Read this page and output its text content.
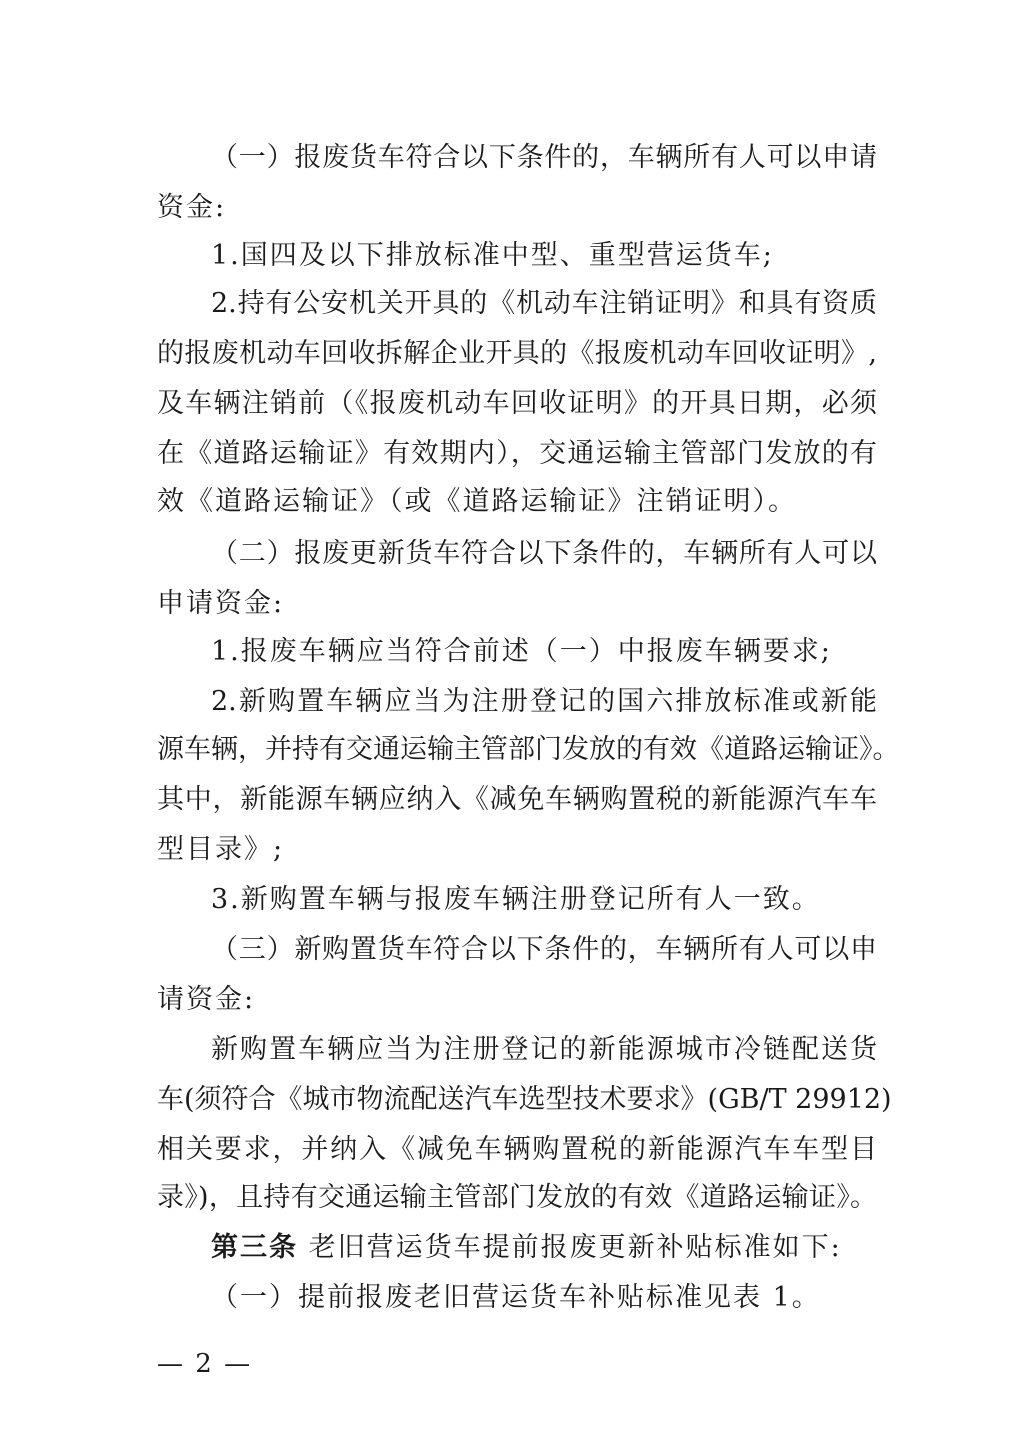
（一）报废货车符合以下条件的，车辆所有人可以申请
资金:
1.国四及以下排放标准中型、重型营运货车;
2.持有公安机关开具的《机动车注销证明》和具有资质
的报废机动车回收拆解企业开具的《报废机动车回收证明》,
及车辆注销前（《报废机动车回收证明》的开具日期，必须
在《道路运输证》有效期内），交通运输主管部门发放的有
效《道路运输证》（或《道路运输证》注销证明）。
（二）报废更新货车符合以下条件的，车辆所有人可以
申请资金:
1.报废车辆应当符合前述（一）中报废车辆要求;
2.新购置车辆应当为注册登记的国六排放标准或新能
源车辆，并持有交通运输主管部门发放的有效《道路运输证》。
其中，新能源车辆应纳入《减免车辆购置税的新能源汽车车
型目录》;
3.新购置车辆与报废车辆注册登记所有人一致。
（三）新购置货车符合以下条件的，车辆所有人可以申
请资金:
新购置车辆应当为注册登记的新能源城市冷链配送货
车(须符合《城市物流配送汽车选型技术要求》(GB/T 29912)
相关要求，并纳入《减免车辆购置税的新能源汽车车型目
录》)，且持有交通运输主管部门发放的有效《道路运输证》。
第三条 老旧营运货车提前报废更新补贴标准如下:
（一）提前报废老旧营运货车补贴标准见表 1。
— 2 —
